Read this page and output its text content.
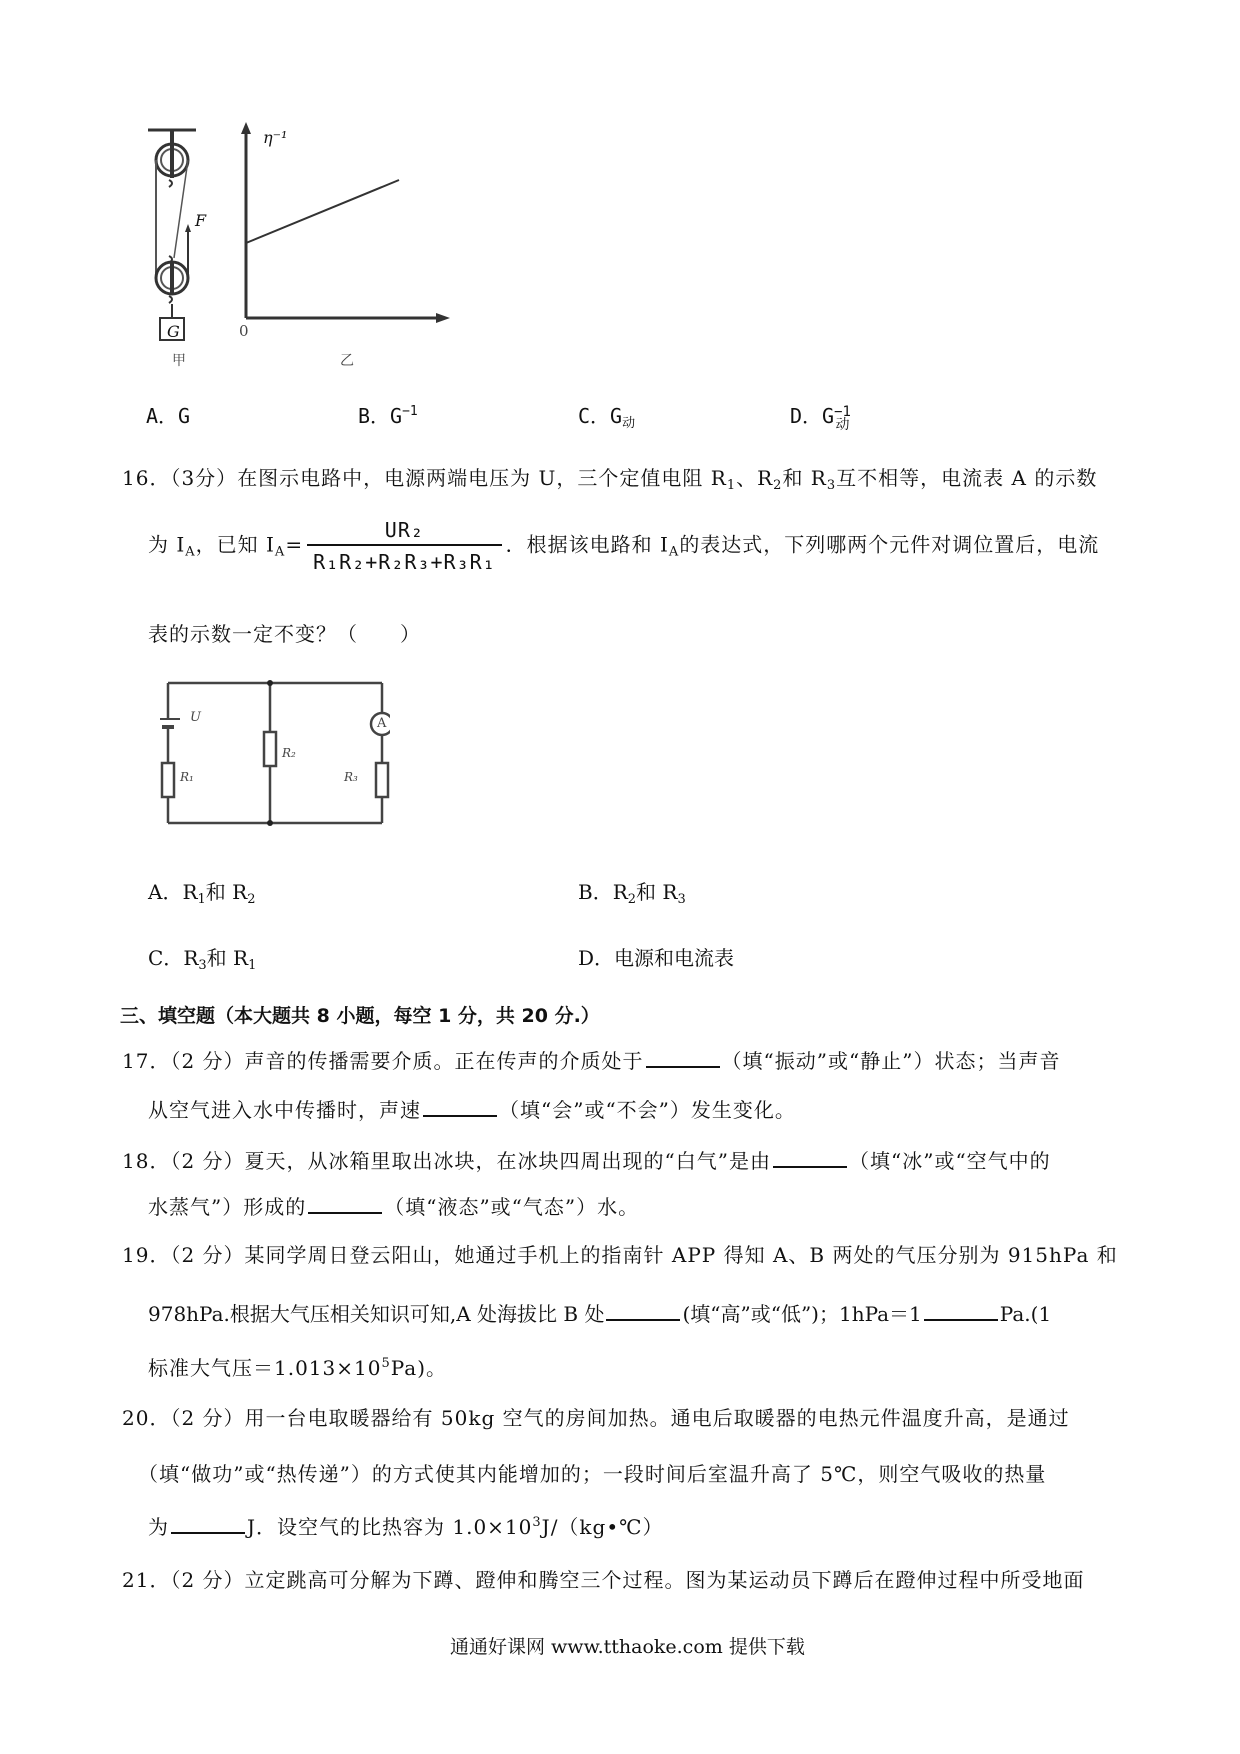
G
F
甲
η⁻¹
0
乙
A．G	B．$G^{-1}$	C．$G_动$	D．G −1
动
16．（3分）在图示电路中，电源两端电压为 U，三个定值电阻 $R_1$、$R_2$和 $R_3$互不相等，电流表 A 的示数
为 $I_A$，已知 $I_A= \frac{\text{UR₂}}{\text{R₁R₂+R₂R₃+R₃R₁}}$ ．根据该电路和 $I_A$的表达式，下列哪两个元件对调位置后，电流
表的示数一定不变？（　　）
U
R₁
R₂
R₃
A
A．$R_1$和 $R_2$	B．$R_2$和 $R_3$
C．$R_3$和 $R_1$	D．电源和电流表
三、填空题（本大题共 8 小题，每空 1 分，共 20 分.）
17．（2 分）声音的传播需要介质。正在传声的介质处于	（填“振动”或“静止”）状态；当声音
从空气进入水中传播时，声速	（填“会”或“不会”）发生变化。
18．（2 分）夏天，从冰箱里取出冰块，在冰块四周出现的“白气”是由	（填“冰”或“空气中的
水蒸气”）形成的	（填“液态”或“气态”）水。
19．（2 分）某同学周日登云阳山，她通过手机上的指南针 APP 得知 A、B 两处的气压分别为 915hPa 和
978hPa.根据大气压相关知识可知,A 处海拔比 B 处	(填“高”或“低”)；1hPa＝1	Pa.(1
标准大气压$=1.013\times 10^5Pa$)。
20．（2 分）用一台电取暖器给有 50kg 空气的房间加热。通电后取暖器的电热元件温度升高，是通过
（填“做功”或“热传递”）的方式使其内能增加的；一段时间后室温升高了 5℃，则空气吸收的热量
为	J．设空气的比热容为 $1.0\times 10^3J/(kg•℃)$
21．（2 分）立定跳高可分解为下蹲、蹬伸和腾空三个过程。图为某运动员下蹲后在蹬伸过程中所受地面
通通好课网 www.tthaoke.com 提供下载
